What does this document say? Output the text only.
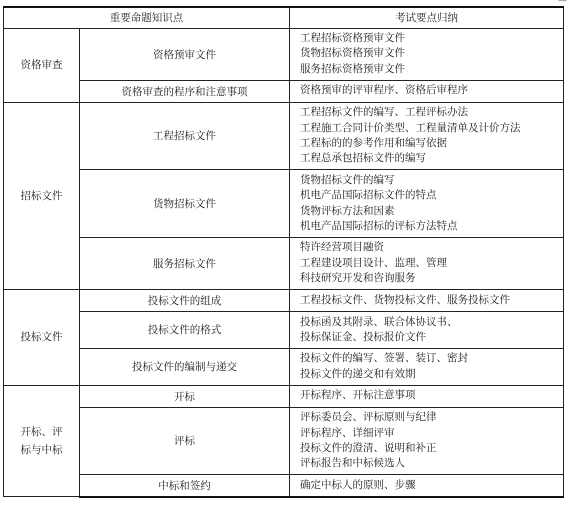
—
重要命题知识点		考试要点归纳
资格审查	资格预审文件	工程招标资格预审文件
货物招标资格预审文件
服务招标资格预审文件

	资格审查的程序和注意事项	资格预审的评审程序、资格后审程序

招标文件	工程招标文件	工程招标文件的编写、工程评标办法
工程施工合同计价类型、工程量清单及计价方法
工程标的的参考作用和编写依据
工程总承包招标文件的编写

	货物招标文件	货物招标文件的编写
机电产品国际招标文件的特点
货物评标方法和因素
机电产品国际招标的评标方法特点

	服务招标文件	特许经营项目融资
工程建设项目设计、监理、管理
科技研究开发和咨询服务

投标文件	投标文件的组成	工程投标文件、货物投标文件、服务投标文件

	投标文件的格式	投标函及其附录、联合体协议书、
投标保证金、投标报价文件

	投标文件的编制与递交	投标文件的编写、签署、装订、密封
投标文件的递交和有效期

开标、评标与中标	开标	开标程序、开标注意事项

	评标	评标委员会、评标原则与纪律
评标程序、详细评审
投标文件的澄清、说明和补正
评标报告和中标候选人

	中标和签约	确定中标人的原则、步骤
